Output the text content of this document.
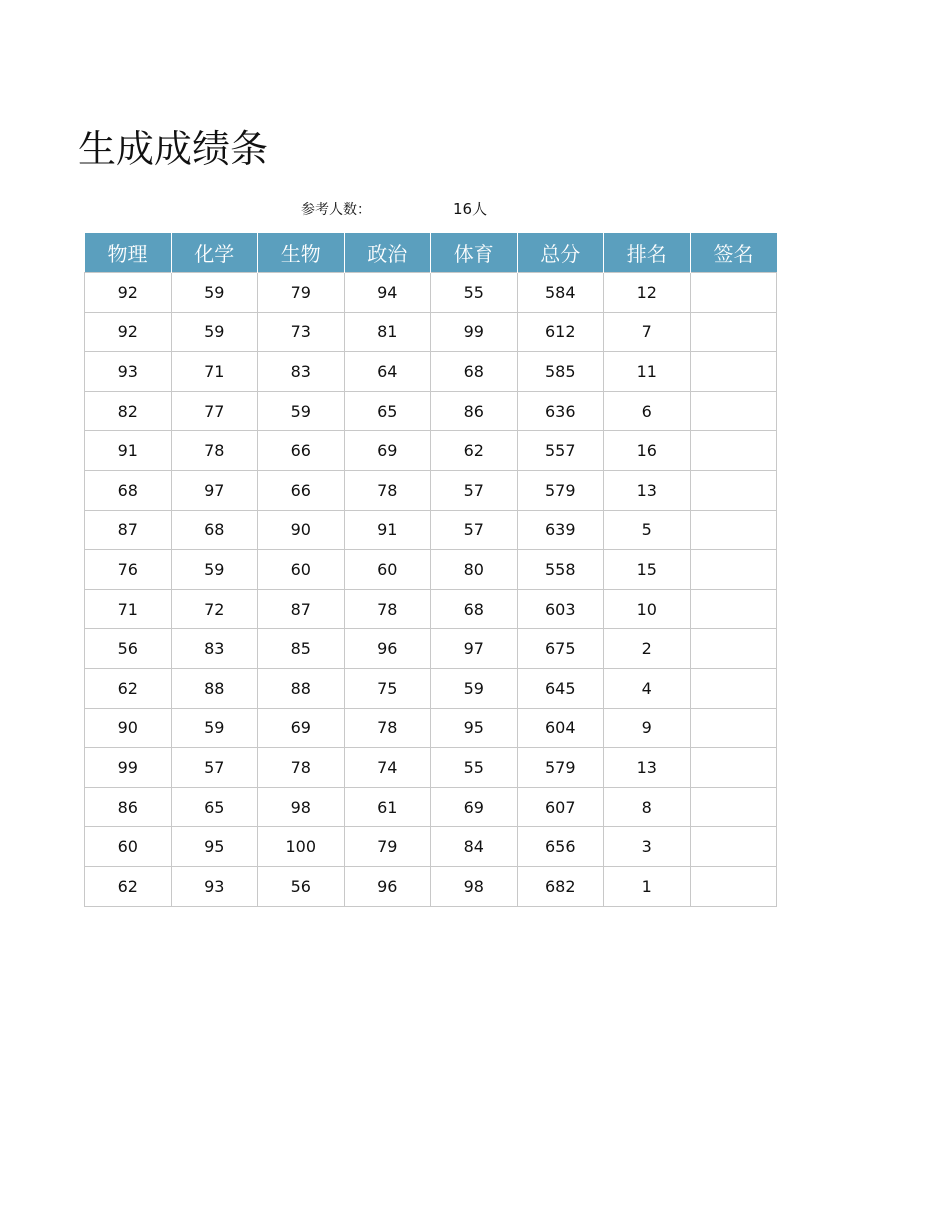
生成成绩条
参考人数：	16人
物理	化学	生物	政治	体育	总分	排名	签名
92	59	79	94	55	584	12	
92	59	73	81	99	612	7	
93	71	83	64	68	585	11	
82	77	59	65	86	636	6	
91	78	66	69	62	557	16	
68	97	66	78	57	579	13	
87	68	90	91	57	639	5	
76	59	60	60	80	558	15	
71	72	87	78	68	603	10	
56	83	85	96	97	675	2	
62	88	88	75	59	645	4	
90	59	69	78	95	604	9	
99	57	78	74	55	579	13	
86	65	98	61	69	607	8	
60	95	100	79	84	656	3	
62	93	56	96	98	682	1	
